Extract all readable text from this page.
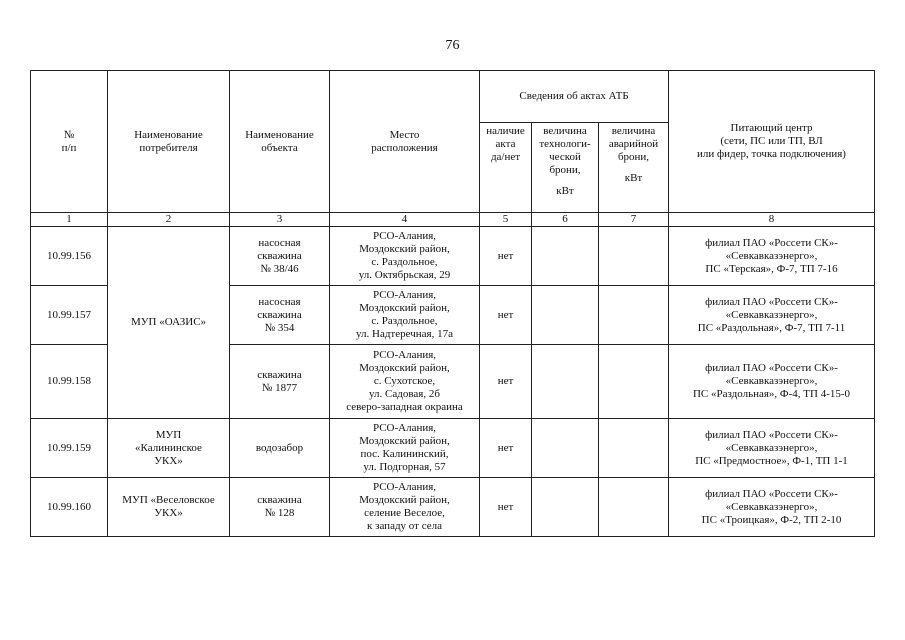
76
№
п/п	Наименование
потребителя	Наименование
объекта	Место
расположения	Сведения об актах АТБ			Питающий центр
(сети, ПС или ТП, ВЛ
или фидер, точка подключения)

				наличие
акта
да/нет	величина
технологи-
ческой
брони,
кВт	величина
аварийной
брони,
кВт	

1	2	3	4	5	6	7	8
10.99.156	МУП «ОАЗИС»	насосная
скважина
№ 38/46	РСО-Алания,
Моздокский район,
с. Раздольное,
ул. Октябрьская, 29	нет			филиал ПАО «Россети СК»-
«Севкавказэнерго»,
ПС «Терская», Ф-7, ТП 7-16

10.99.157		насосная
скважина
№ 354	РСО-Алания,
Моздокский район,
с. Раздольное,
ул. Надтеречная, 17а	нет			филиал ПАО «Россети СК»-
«Севкавказэнерго»,
ПС «Раздольная», Ф-7, ТП 7-11

10.99.158		скважина
№ 1877	РСО-Алания,
Моздокский район,
с. Сухотское,
ул. Садовая, 2б
северо-западная окраина	нет			филиал ПАО «Россети СК»-
«Севкавказэнерго»,
ПС «Раздольная», Ф-4, ТП 4-15-0

10.99.159	МУП
«Калининское
УКХ»	водозабор	РСО-Алания,
Моздокский район,
пос. Калининский,
ул. Подгорная, 57	нет			филиал ПАО «Россети СК»-
«Севкавказэнерго»,
ПС «Предмостное», Ф-1, ТП 1-1

10.99.160	МУП «Веселовское
УКХ»	скважина
№ 128	РСО-Алания,
Моздокский район,
селение Веселое,
к западу от села	нет			филиал ПАО «Россети СК»-
«Севкавказэнерго»,
ПС «Троицкая», Ф-2, ТП 2-10
